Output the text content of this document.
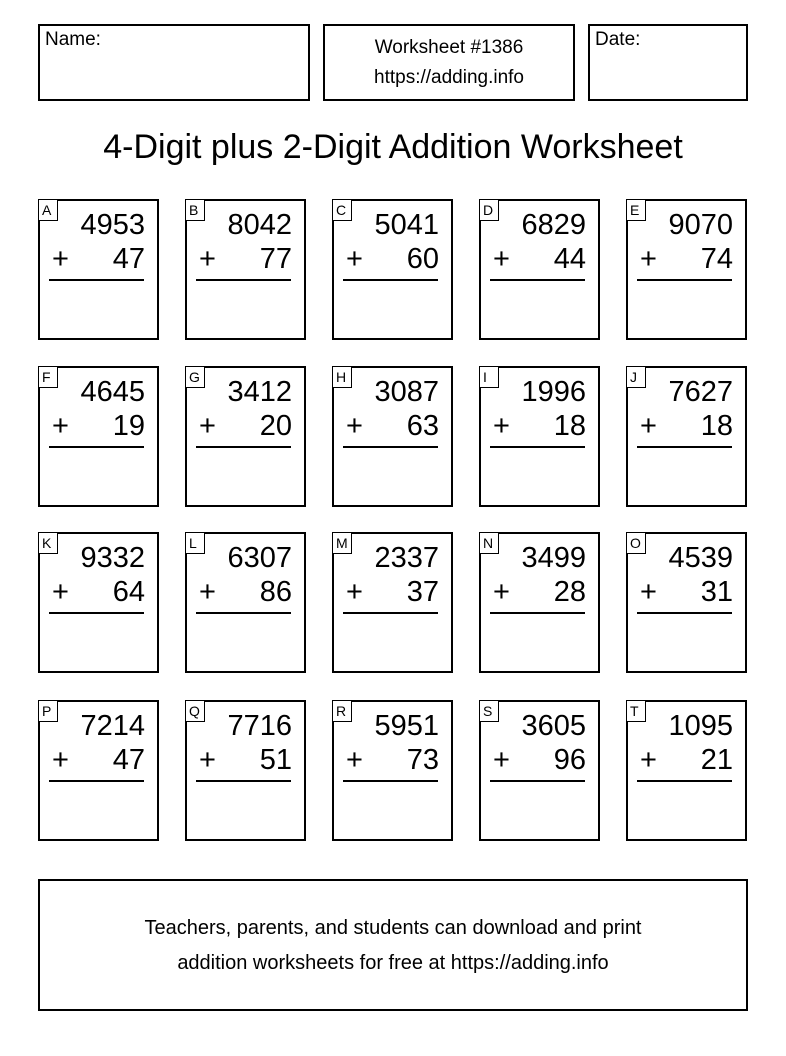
Name:	Worksheet #1386
https://adding.info
Date:
4-Digit plus 2-Digit Addition Worksheet
A 4953
+ 47
B 8042
+ 77
C 5041
+ 60
D 6829
+ 44
E 9070
+ 74
F 4645
+ 19
G 3412
+ 20
H 3087
+ 63
I	1996
+ 18
J	7627
+ 18
K 9332
+ 64
L 6307
+ 86
M 2337
+ 37
N 3499
+ 28
O 4539
+ 31
P 7214
+ 47
Q 7716
+ 51
R 5951
+ 73
S 3605
+ 96
T 1095
+ 21
Teachers, parents, and students can download and print
addition worksheets for free at https://adding.info
